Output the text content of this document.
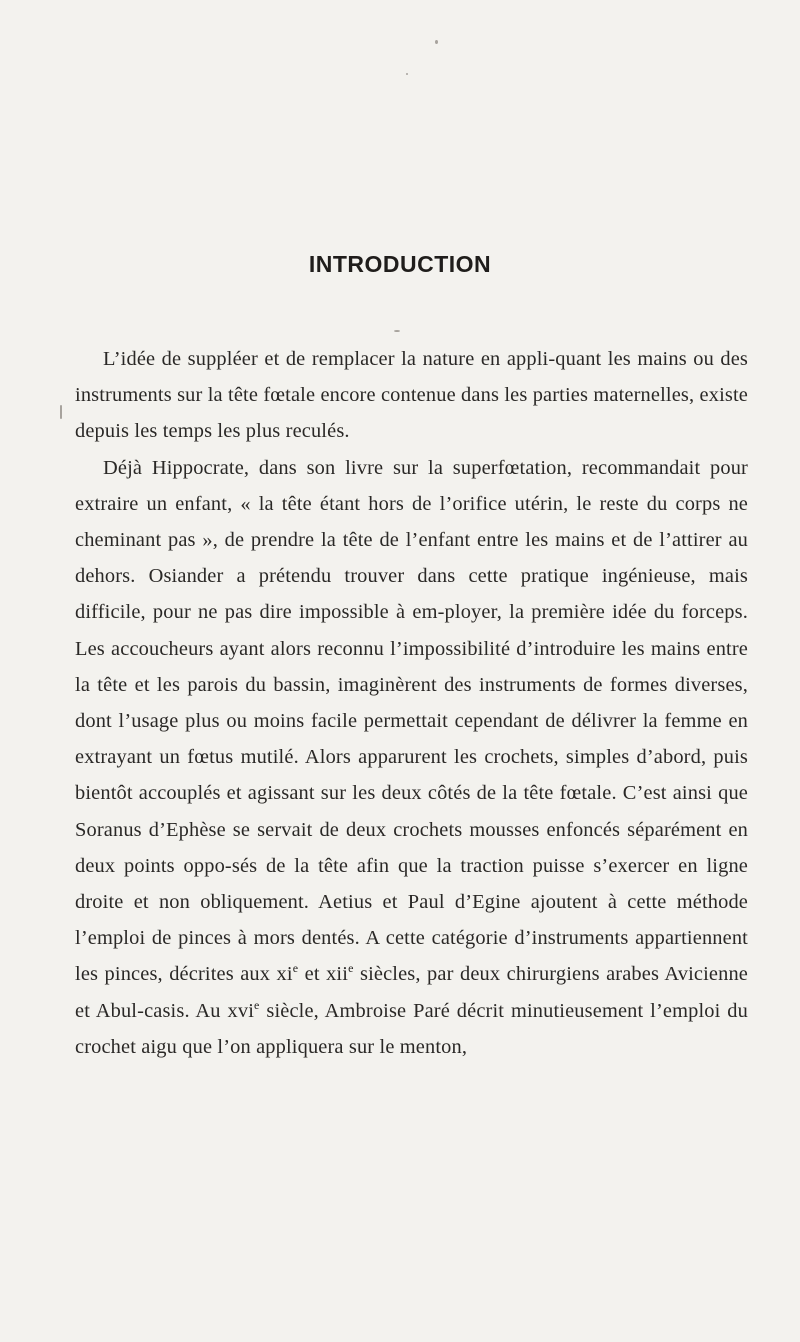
INTRODUCTION

L’idée de suppléer et de remplacer la nature en appli-quant les mains ou des instruments sur la tête fœtale encore contenue dans les parties maternelles, existe depuis les temps les plus reculés.

Déjà Hippocrate, dans son livre sur la superfœtation, recommandait pour extraire un enfant, « la tête étant hors de l’orifice utérin, le reste du corps ne cheminant pas », de prendre la tête de l’enfant entre les mains et de l’attirer au dehors. Osiander a prétendu trouver dans cette pratique ingénieuse, mais difficile, pour ne pas dire impossible à em-ployer, la première idée du forceps. Les accoucheurs ayant alors reconnu l’impossibilité d’introduire les mains entre la tête et les parois du bassin, imaginèrent des instruments de formes diverses, dont l’usage plus ou moins facile permettait cependant de délivrer la femme en extrayant un fœtus mutilé. Alors apparurent les crochets, simples d’abord, puis bientôt accouplés et agissant sur les deux côtés de la tête fœtale. C’est ainsi que Soranus d’Ephèse se servait de deux crochets mousses enfoncés séparément en deux points oppo-sés de la tête afin que la traction puisse s’exercer en ligne droite et non obliquement. Aetius et Paul d’Egine ajoutent à cette méthode l’emploi de pinces à mors dentés. A cette catégorie d’instruments appartiennent les pinces, décrites aux $xi^e$ et xii$^e$ siècles, par deux chirurgiens arabes Avicienne et Abul-casis. Au xvi$^e$ siècle, Ambroise Paré décrit minutieusement l’emploi du crochet aigu que l’on appliquera sur le menton,
